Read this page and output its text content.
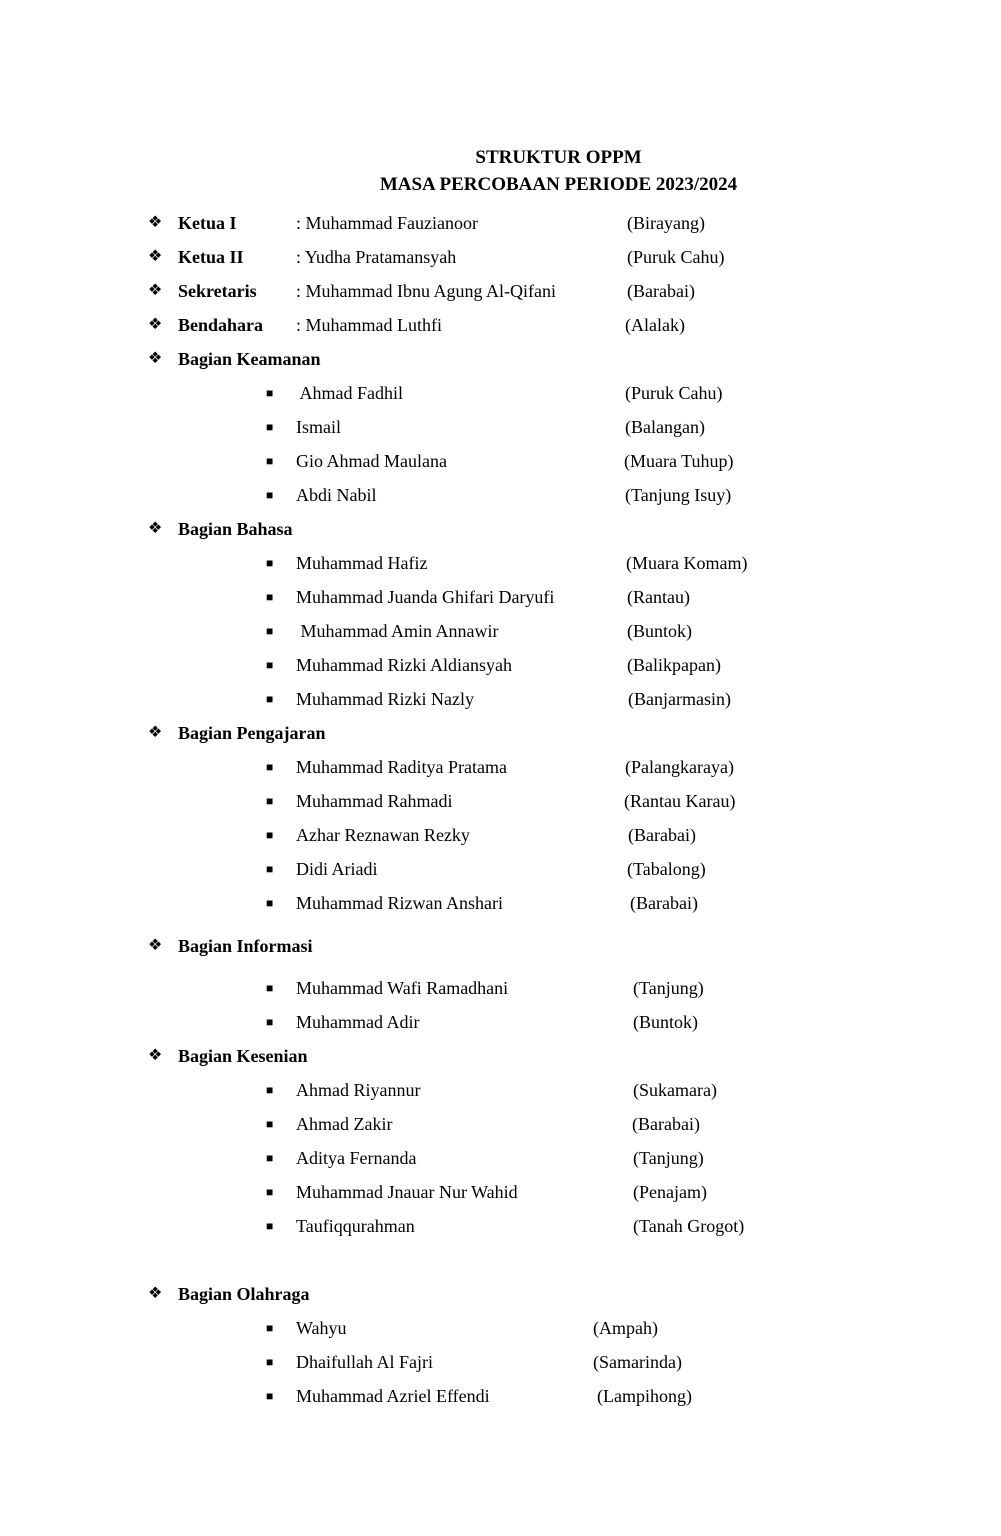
STRUKTUR OPPM
MASA PERCOBAAN PERIODE 2023/2024
❖ Ketua I	: Muhammad Fauzianoor	(Birayang)
❖ Ketua II	: Yudha Pratamansyah	(Puruk Cahu)
❖ Sekretaris : Muhammad Ibnu Agung Al-Qifani	(Barabai)
❖ Bendahara : Muhammad Luthfi	(Alalak)
❖ Bagian Keamanan
■ Ahmad Fadhil	(Puruk Cahu)
■ Ismail	(Balangan)
■ Gio Ahmad Maulana	(Muara Tuhup)
■ Abdi Nabil	(Tanjung Isuy)
❖ Bagian Bahasa
■ Muhammad Hafiz	(Muara Komam)
■ Muhammad Juanda Ghifari Daryufi	(Rantau)
■ Muhammad Amin Annawir	(Buntok)
■ Muhammad Rizki Aldiansyah	(Balikpapan)
■ Muhammad Rizki Nazly	(Banjarmasin)
❖ Bagian Pengajaran
■ Muhammad Raditya Pratama	(Palangkaraya)
■ Muhammad Rahmadi	(Rantau Karau)
■ Azhar Reznawan Rezky	(Barabai)
■ Didi Ariadi	(Tabalong)
■ Muhammad Rizwan Anshari	(Barabai)
❖ Bagian Informasi
■ Muhammad Wafi Ramadhani	(Tanjung)
■ Muhammad Adir	(Buntok)
❖ Bagian Kesenian
■ Ahmad Riyannur	(Sukamara)
■ Ahmad Zakir	(Barabai)
■ Aditya Fernanda	(Tanjung)
■ Muhammad Jnauar Nur Wahid	(Penajam)
■ Taufiqqurahman	(Tanah Grogot)
❖ Bagian Olahraga
■ Wahyu	(Ampah)
■ Dhaifullah Al Fajri	(Samarinda)
■ Muhammad Azriel Effendi	(Lampihong)
